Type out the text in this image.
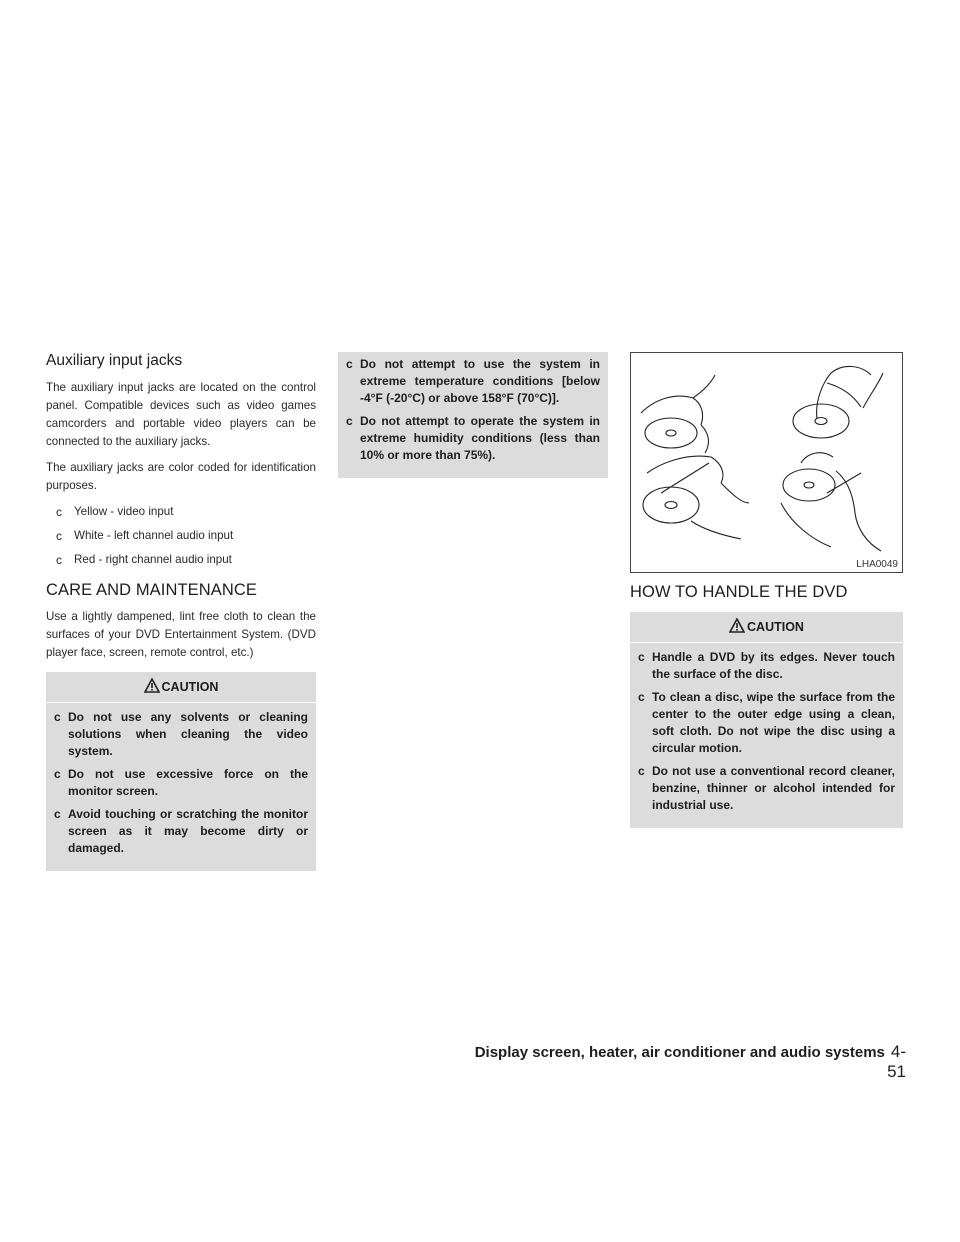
Auxiliary input jacks

The auxiliary input jacks are located on the control panel. Compatible devices such as video games camcorders and portable video players can be connected to the auxiliary jacks.

The auxiliary jacks are color coded for identification purposes.

c Yellow - video input
c White - left channel audio input
c Red - right channel audio input
CARE AND MAINTENANCE

Use a lightly dampened, lint free cloth to clean the surfaces of your DVD Entertainment System. (DVD player face, screen, remote control, etc.)

CAUTION
c Do not use any solvents or cleaning solutions when cleaning the video system.
c Do not use excessive force on the monitor screen.
c Avoid touching or scratching the monitor screen as it may become dirty or damaged.
c Do not attempt to use the system in extreme temperature conditions [below -4°F (-20°C) or above 158°F (70°C)].
c Do not attempt to operate the system in extreme humidity conditions (less than 10% or more than 75%).
LHA0049
HOW TO HANDLE THE DVD
CAUTION
c Handle a DVD by its edges. Never touch the surface of the disc.
c To clean a disc, wipe the surface from the center to the outer edge using a clean, soft cloth. Do not wipe the disc using a circular motion.
c Do not use a conventional record cleaner, benzine, thinner or alcohol intended for industrial use.
Display screen, heater, air conditioner and audio systems 4-51
